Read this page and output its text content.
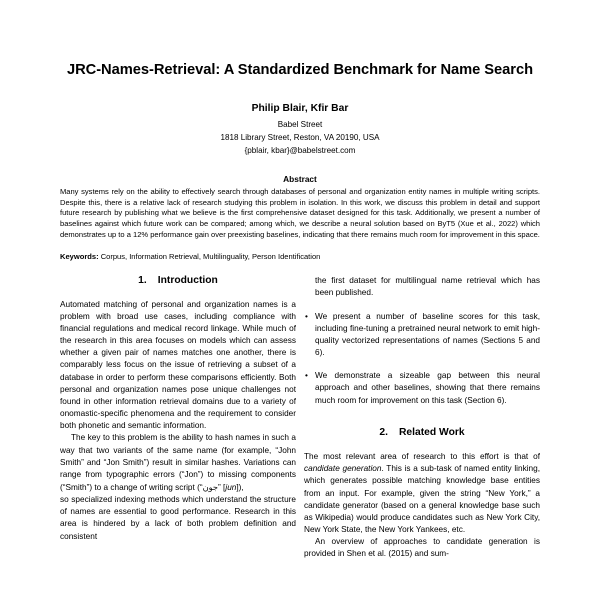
JRC-Names-Retrieval: A Standardized Benchmark for Name Search
Philip Blair, Kfir Bar
Babel Street
1818 Library Street, Reston, VA 20190, USA
{pblair, kbar}@babelstreet.com
Abstract
Many systems rely on the ability to effectively search through databases of personal and organization entity names in multiple writing scripts. Despite this, there is a relative lack of research studying this problem in isolation. In this work, we discuss this problem in detail and support future research by publishing what we believe is the first comprehensive dataset designed for this task. Additionally, we present a number of baselines against which future work can be compared; among which, we describe a neural solution based on ByT5 (Xue et al., 2022) which demonstrates up to a 12% performance gain over preexisting baselines, indicating that there remains much room for improvement in this space.
Keywords: Corpus, Information Retrieval, Multilinguality, Person Identification
1. Introduction

Automated matching of personal and organization names is a problem with broad use cases, including compliance with financial regulations and medical record linkage. While much of the research in this area focuses on models which can assess whether a given pair of names matches one another, there is comparably less focus on the issue of retrieving a subset of a database in order to perform these comparisons efficiently. Both personal and organization names pose unique challenges not found in other information retrieval domains due to a variety of onomastic-specific phenomena and the requirement to consider both phonetic and semantic information.

The key to this problem is the ability to hash names in such a way that two variants of the same name (for example, “John Smith” and “Jon Smith”) result in similar hashes. Variations can range from typographic errors (“Jon”) to missing components (“Smith”) to a change of writing script (“جون” [jun]),

so specialized indexing methods which understand the structure of names are essential to good performance. Research in this area is hindered by a lack of both problem definition and consistent

the first dataset for multilingual name retrieval which has been published.
• We present a number of baseline scores for this task, including fine-tuning a pretrained neural network to emit high-quality vectorized representations of names (Sections 5 and 6).
• We demonstrate a sizeable gap between this neural approach and other baselines, showing that there remains much room for improvement on this task (Section 6).
2. Related Work

The most relevant area of research to this effort is that of candidate generation. This is a sub-task of named entity linking, which generates possible matching knowledge base entities from an input. For example, given the string “New York,” a candidate generator (based on a general knowledge base such as Wikipedia) would produce candidates such as New York City, New York State, the New York Yankees, etc.

An overview of approaches to candidate generation is provided in Shen et al. (2015) and sum-
